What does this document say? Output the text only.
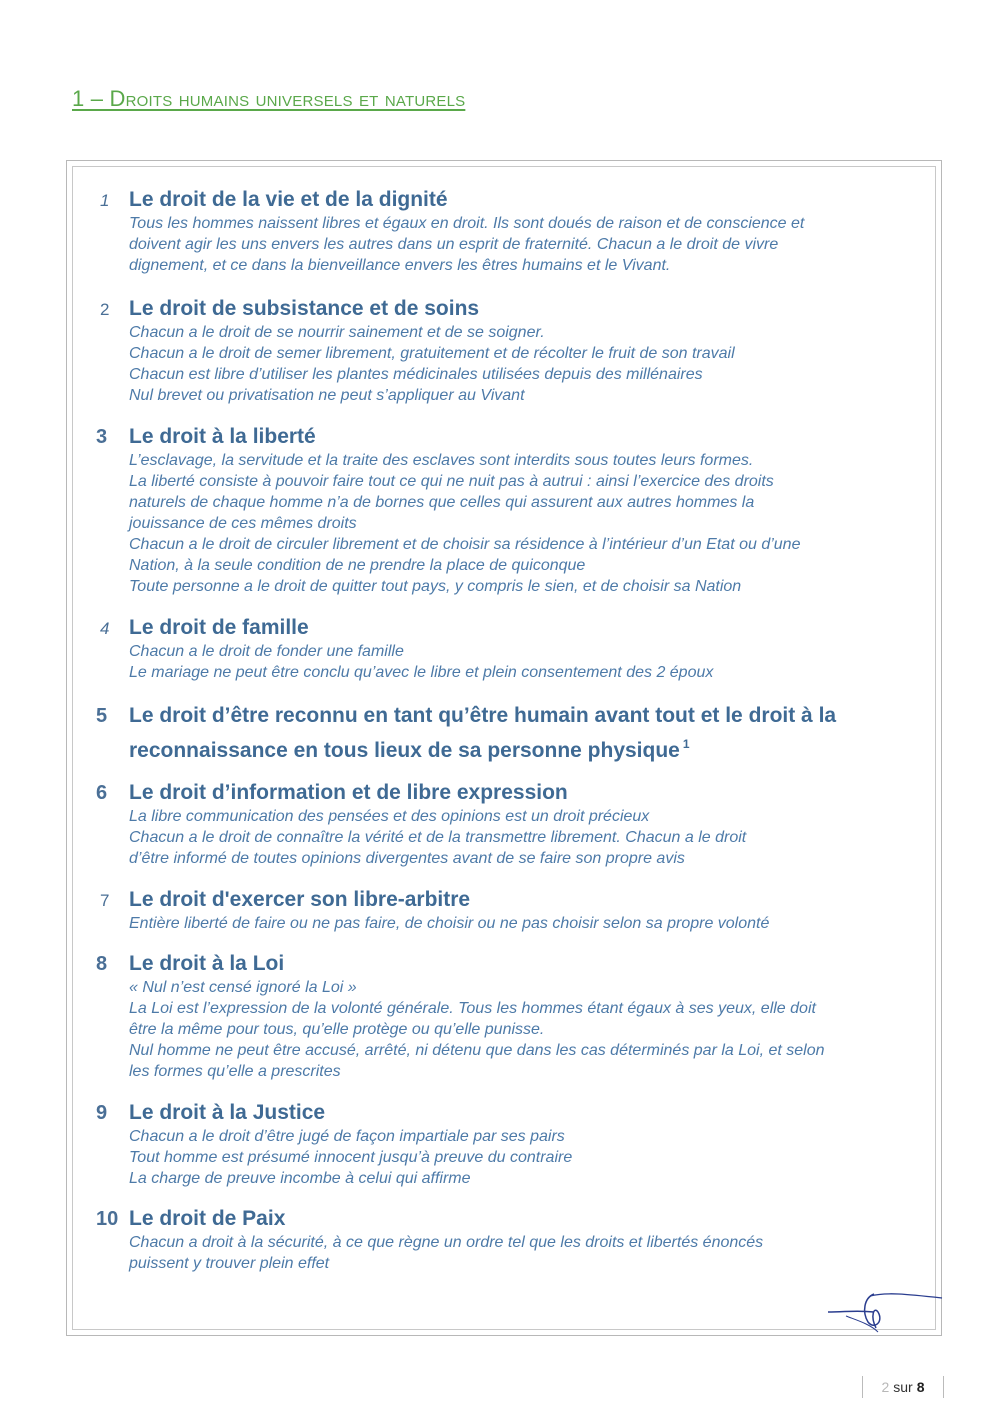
1 – Droits humains universels et naturels
1 Le droit de la vie et de la dignité
Tous les hommes naissent libres et égaux en droit. Ils sont doués de raison et de conscience et
doivent agir les uns envers les autres dans un esprit de fraternité. Chacun a le droit de vivre
dignement, et ce dans la bienveillance envers les êtres humains et le Vivant.
2 Le droit de subsistance et de soins
Chacun a le droit de se nourrir sainement et de se soigner.
Chacun a le droit de semer librement, gratuitement et de récolter le fruit de son travail
Chacun est libre d’utiliser les plantes médicinales utilisées depuis des millénaires
Nul brevet ou privatisation ne peut s’appliquer au Vivant
3	Le droit à la liberté
L’esclavage, la servitude et la traite des esclaves sont interdits sous toutes leurs formes.
La liberté consiste à pouvoir faire tout ce qui ne nuit pas à autrui : ainsi l’exercice des droits
naturels de chaque homme n’a de bornes que celles qui assurent aux autres hommes la
jouissance de ces mêmes droits
Chacun a le droit de circuler librement et de choisir sa résidence à l’intérieur d’un Etat ou d’une
Nation, à la seule condition de ne prendre la place de quiconque
Toute personne a le droit de quitter tout pays, y compris le sien, et de choisir sa Nation
4 Le droit de famille
Chacun a le droit de fonder une famille
Le mariage ne peut être conclu qu’avec le libre et plein consentement des 2 époux
5	Le droit d’être reconnu en tant qu’être humain avant tout et le droit à la
reconnaissance en tous lieux de sa personne physique $^1$
6	Le droit d’information et de libre expression
La libre communication des pensées et des opinions est un droit précieux
Chacun a le droit de connaître la vérité et de la transmettre librement. Chacun a le droit
d’être informé de toutes opinions divergentes avant de se faire son propre avis
7 Le droit d'exercer son libre-arbitre
Entière liberté de faire ou ne pas faire, de choisir ou ne pas choisir selon sa propre volonté
8	Le droit à la Loi
« Nul n’est censé ignoré la Loi »
La Loi est l’expression de la volonté générale. Tous les hommes étant égaux à ses yeux, elle doit
être la même pour tous, qu’elle protège ou qu’elle punisse.
Nul homme ne peut être accusé, arrêté, ni détenu que dans les cas déterminés par la Loi, et selon
les formes qu’elle a prescrites
9	Le droit à la Justice
Chacun a le droit d’être jugé de façon impartiale par ses pairs
Tout homme est présumé innocent jusqu’à preuve du contraire
La charge de preuve incombe à celui qui affirme
10 Le droit de Paix
Chacun a droit à la sécurité, à ce que règne un ordre tel que les droits et libertés énoncés
puissent y trouver plein effet
2 sur 8
